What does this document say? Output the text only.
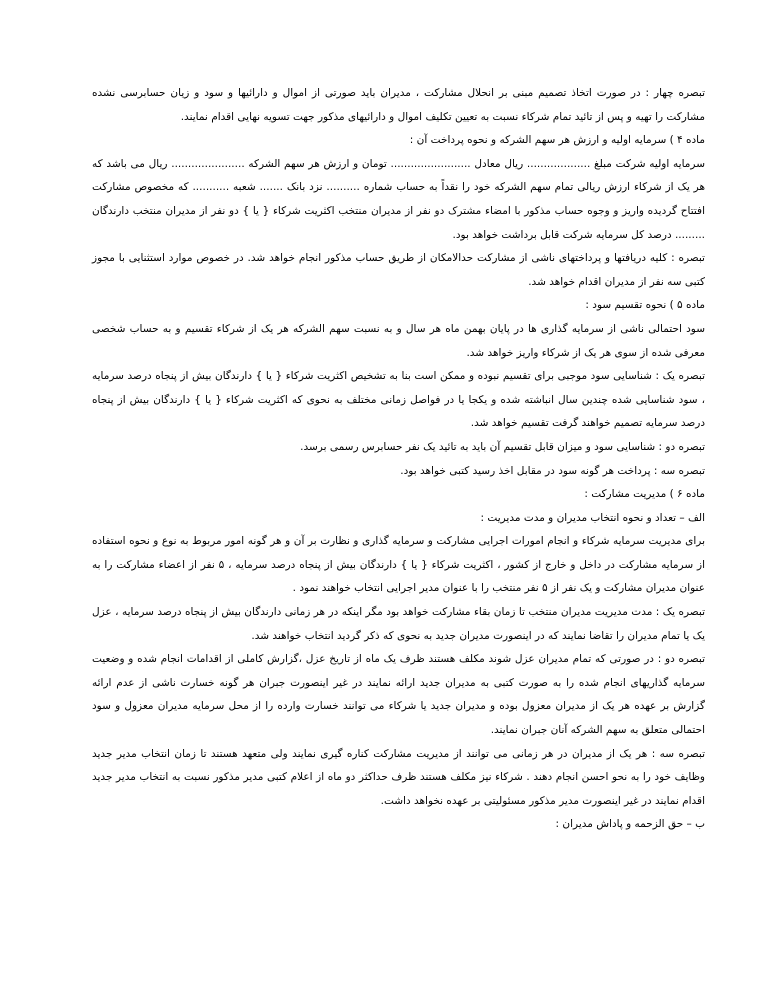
تبصره چهار : در صورت اتخاذ تصمیم مبنی بر انحلال مشارکت ، مدیران باید صورتی از اموال و دارائیها و سود و زیان حسابرسی نشده مشارکت را تهیه و پس از تائید تمام شرکاء نسبت به تعیین تکلیف اموال و دارائیهای مذکور جهت تسویه نهایی اقدام نمایند.

ماده ۴ ) سرمایه اولیه و ارزش هر سهم الشرکه و نحوه پرداخت آن :

سرمایه اولیه شرکت مبلغ ................... ریال معادل ........................ تومان و ارزش هر سهم الشرکه ...................... ریال می باشد که هر یک از شرکاء ارزش ریالی تمام سهم الشرکه خود را نقداً به حساب شماره .......... نزد بانک ....... شعبه ........... که مخصوص مشارکت افتتاح گردیده واریز و وجوه حساب مذکور با امضاء مشترک دو نفر از مدیران منتخب اکثریت شرکاء { یا } دو نفر از مدیران منتخب دارندگان ......... درصد کل سرمایه شرکت قابل برداشت خواهد بود.

تبصره : کلیه دریافتها و پرداختهای ناشی از مشارکت حدالامکان از طریق حساب مذکور انجام خواهد شد. در خصوص موارد استثنایی با مجوز کتبی سه نفر از مدیران اقدام خواهد شد.

ماده ۵ ) نحوه تقسیم سود :

سود احتمالی ناشی از سرمایه گذاری ها در پایان بهمن ماه هر سال و به نسبت سهم الشرکه هر یک از شرکاء تقسیم و به حساب شخصی معرفی شده از سوی هر یک از شرکاء واریز خواهد شد.

تبصره یک : شناسایی سود موجبی برای تقسیم نبوده و ممکن است بنا به تشخیص اکثریت شرکاء { یا } دارندگان بیش از پنجاه درصد سرمایه ، سود شناسایی شده چندین سال انباشته شده و یکجا یا در فواصل زمانی مختلف به نحوی که اکثریت شرکاء { یا } دارندگان بیش از پنجاه درصد سرمایه تصمیم خواهند گرفت تقسیم خواهد شد.

تبصره دو : شناسایی سود و میزان قابل تقسیم آن باید به تائید یک نفر حسابرس رسمی برسد.

تبصره سه : پرداخت هر گونه سود در مقابل اخذ رسید کتبی خواهد بود.

ماده ۶ ) مدیریت مشارکت :

الف – تعداد و نحوه انتخاب مدیران و مدت مدیریت :

برای مدیریت سرمایه شرکاء و انجام امورات اجرایی مشارکت و سرمایه گذاری و نظارت بر آن و هر گونه امور مربوط به نوع و نحوه استفاده از سرمایه مشارکت در داخل و خارج از کشور ، اکثریت شرکاء { یا } دارندگان بیش از پنجاه درصد سرمایه ، ۵ نفر از اعضاء مشارکت را به عنوان مدیران مشارکت و یک نفر از ۵ نفر منتخب را با عنوان مدیر اجرایی انتخاب خواهند نمود .

تبصره یک : مدت مدیریت مدیران منتخب تا زمان بقاء مشارکت خواهد بود مگر اینکه در هر زمانی دارندگان بیش از پنجاه درصد سرمایه ، عزل یک یا تمام مدیران را تقاضا نمایند که در اینصورت مدیران جدید به نحوی که ذکر گردید انتخاب خواهند شد.

تبصره دو : در صورتی که تمام مدیران عزل شوند مکلف هستند ظرف یک ماه از تاریخ عزل ،گزارش کاملی از اقدامات انجام شده و وضعیت سرمایه گذاریهای انجام شده را به صورت کتبی به مدیران جدید ارائه نمایند در غیر اینصورت جبران هر گونه خسارت ناشی از عدم ارائه گزارش بر عهده هر یک از مدیران معزول بوده و مدیران جدید یا شرکاء می توانند خسارت وارده را از محل سرمایه مدیران معزول و سود احتمالی متعلق به سهم الشرکه آنان جبران نمایند.

تبصره سه : هر یک از مدیران در هر زمانی می توانند از مدیریت مشارکت کناره گیری نمایند ولی متعهد هستند تا زمان انتخاب مدیر جدید وظایف خود را به نحو احسن انجام دهند . شرکاء نیز مکلف هستند ظرف حداکثر دو ماه از اعلام کتبی مدیر مذکور نسبت به انتخاب مدیر جدید اقدام نمایند در غیر اینصورت مدیر مذکور مسئولیتی بر عهده نخواهد داشت.

ب – حق الزحمه و پاداش مدیران :
